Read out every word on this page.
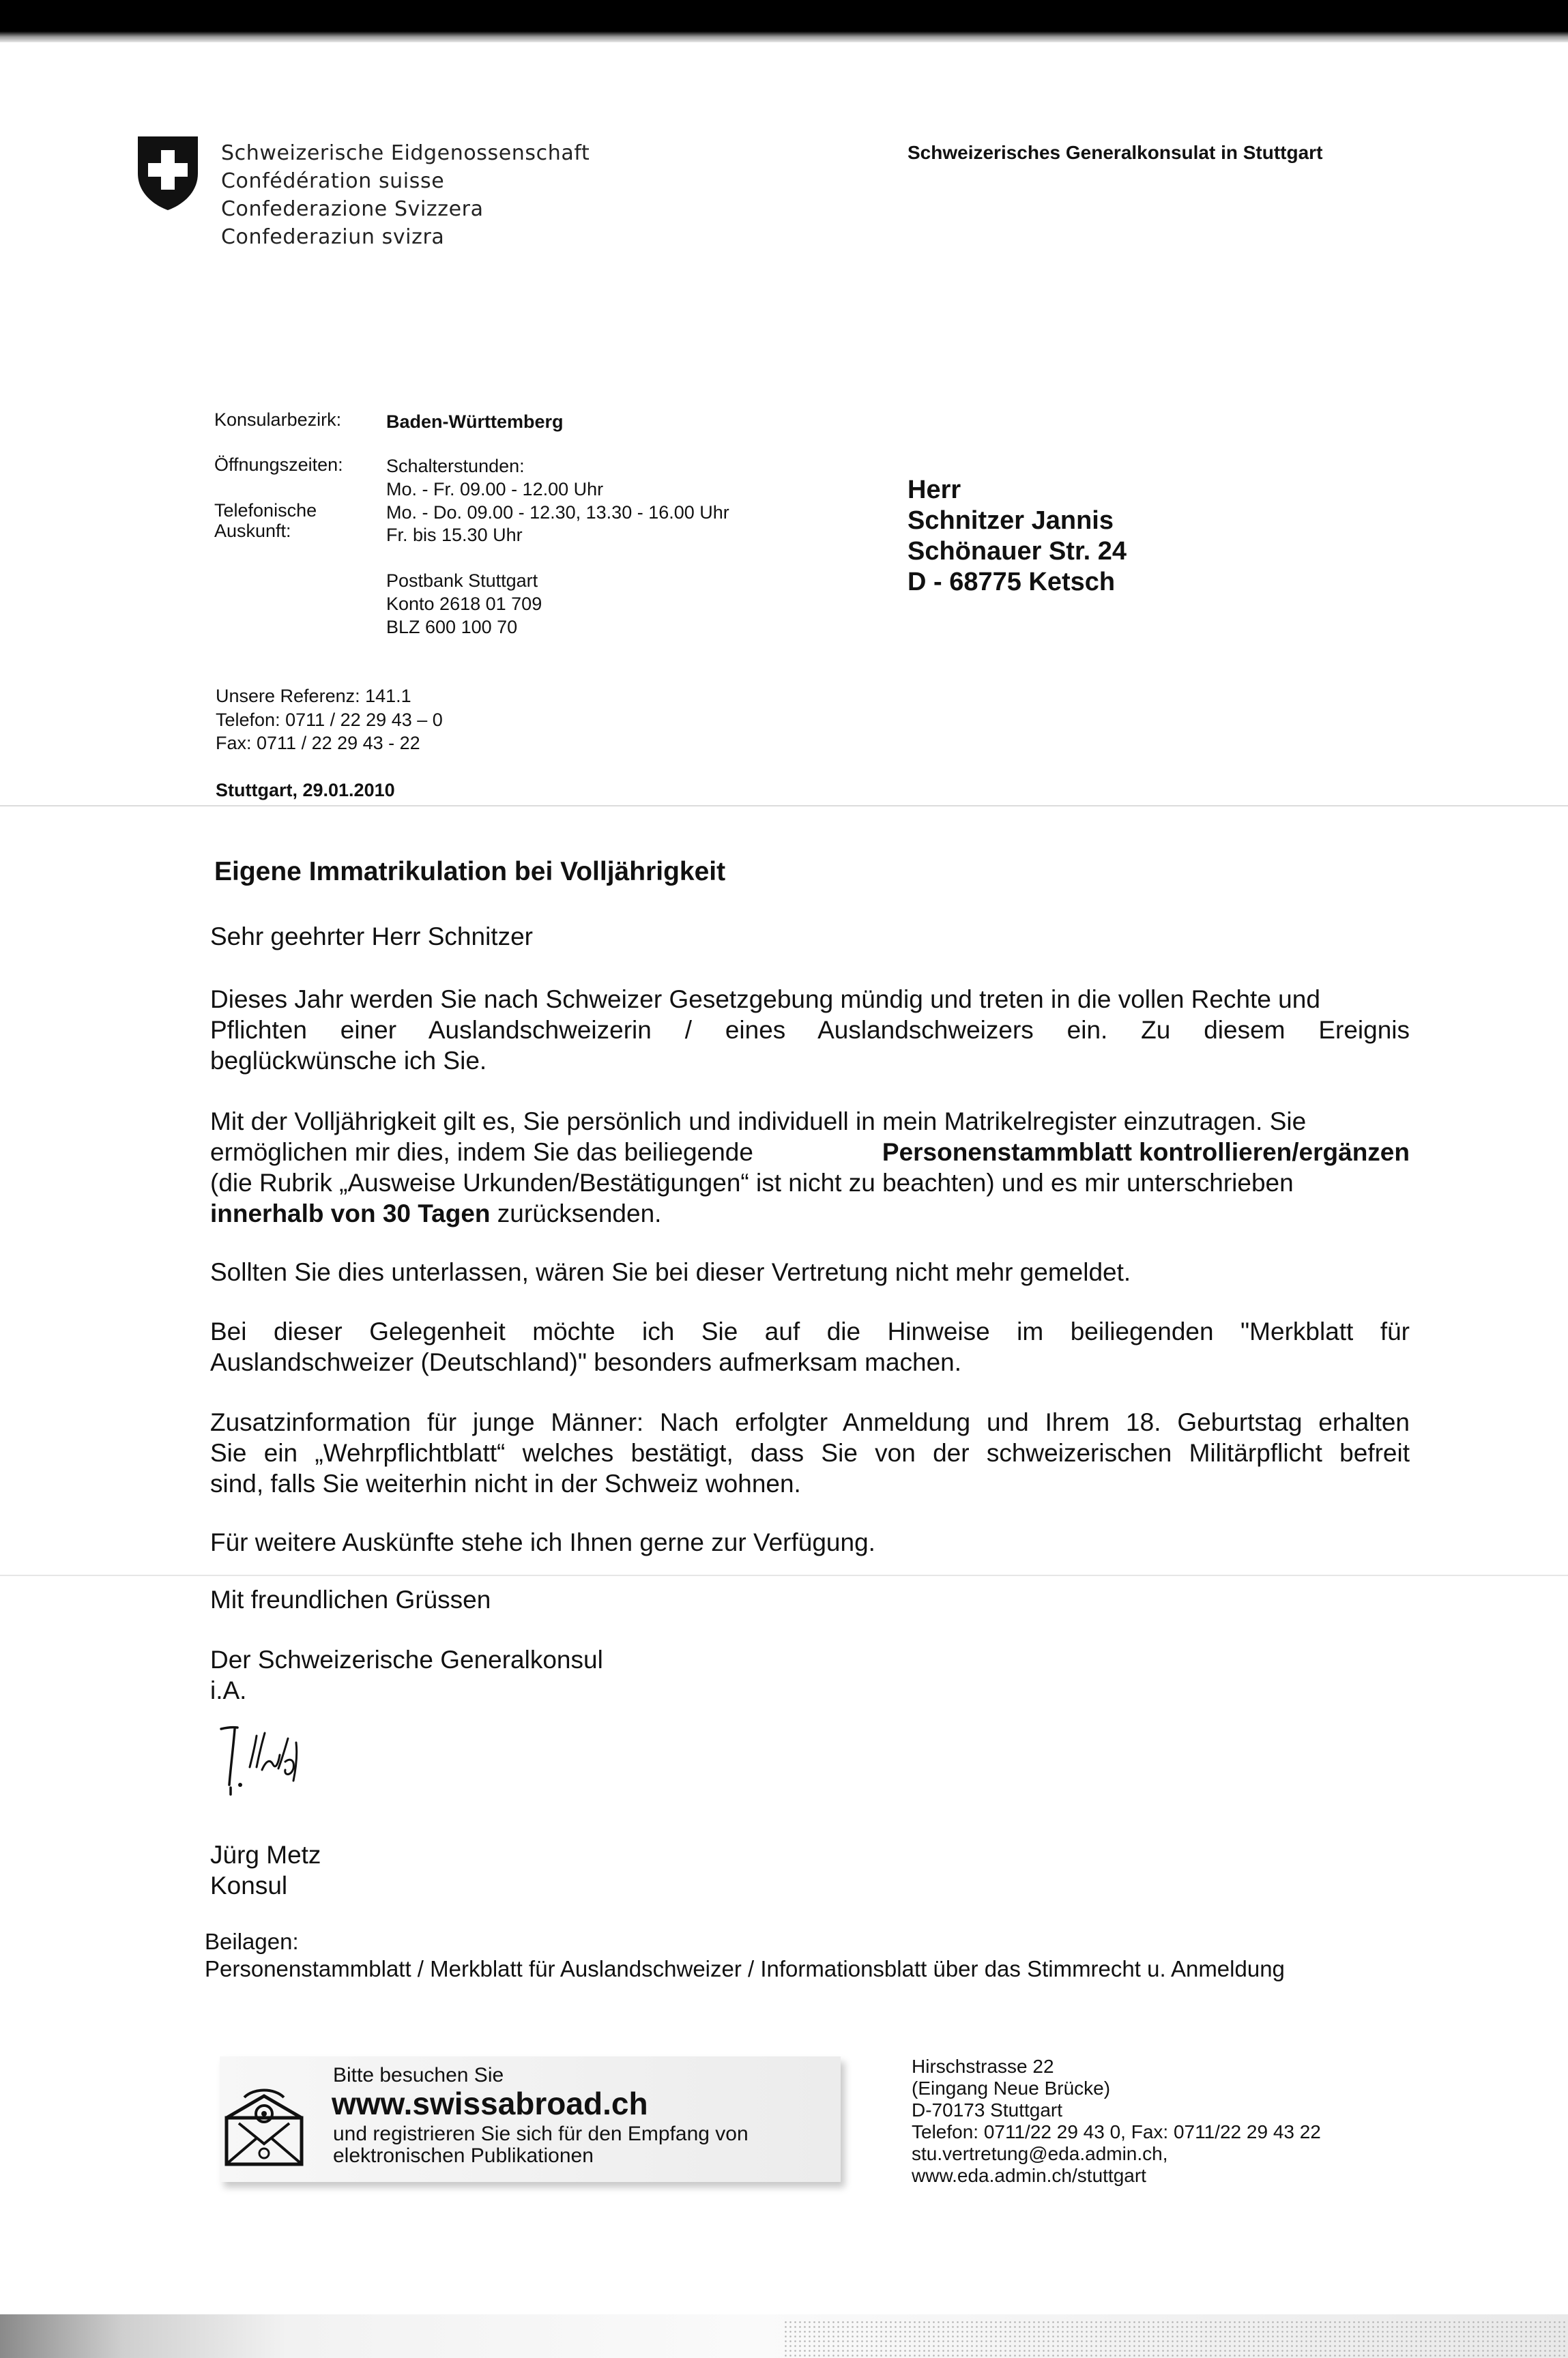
Schweizerische Eidgenossenschaft
Confédération suisse
Confederazione Svizzera
Confederaziun svizra
Schweizerisches Generalkonsulat in Stuttgart
Konsularbezirk: Baden-Württemberg
Öffnungszeiten:
Telefonische
Auskunft:
Schalterstunden:
Mo. - Fr. 09.00 - 12.00 Uhr
Mo. - Do. 09.00 - 12.30, 13.30 - 16.00 Uhr
Fr. bis 15.30 Uhr
Postbank Stuttgart
Konto 2618 01 709
BLZ 600 100 70
Unsere Referenz: 141.1
Telefon: 0711 / 22 29 43 – 0
Fax: 0711 / 22 29 43 - 22
Stuttgart, 29.01.2010
Herr
Schnitzer Jannis
Schönauer Str. 24
D - 68775 Ketsch
Eigene Immatrikulation bei Volljährigkeit
Sehr geehrter Herr Schnitzer
Dieses Jahr werden Sie nach Schweizer Gesetzgebung mündig und treten in die vollen Rechte und
Pflichten einer Auslandschweizerin / eines Auslandschweizers ein. Zu diesem Ereignis
beglückwünsche ich Sie.
Mit der Volljährigkeit gilt es, Sie persönlich und individuell in mein Matrikelregister einzutragen. Sie
ermöglichen mir dies, indem Sie das beiliegende	Personenstammblatt kontrollieren/ergänzen
(die Rubrik „Ausweise Urkunden/Bestätigungen“ ist nicht zu beachten) und es mir unterschrieben
innerhalb von 30 Tagen zurücksenden.
Sollten Sie dies unterlassen, wären Sie bei dieser Vertretung nicht mehr gemeldet.
Bei dieser Gelegenheit möchte ich Sie auf die Hinweise im beiliegenden "Merkblatt für
Auslandschweizer (Deutschland)" besonders aufmerksam machen.
Zusatzinformation für junge Männer: Nach erfolgter Anmeldung und Ihrem 18. Geburtstag erhalten
Sie ein „Wehrpflichtblatt“ welches bestätigt, dass Sie von der schweizerischen Militärpflicht befreit
sind, falls Sie weiterhin nicht in der Schweiz wohnen.
Für weitere Auskünfte stehe ich Ihnen gerne zur Verfügung.
Mit freundlichen Grüssen
Der Schweizerische Generalkonsul
i.A.
Jürg Metz
Konsul
Beilagen:
Personenstammblatt / Merkblatt für Auslandschweizer / Informationsblatt über das Stimmrecht u. Anmeldung
Bitte besuchen Sie
www.swissabroad.ch
und registrieren Sie sich für den Empfang von
elektronischen Publikationen
Hirschstrasse 22
(Eingang Neue Brücke)
D-70173 Stuttgart
Telefon: 0711/22 29 43 0, Fax: 0711/22 29 43 22
stu.vertretung@eda.admin.ch,
www.eda.admin.ch/stuttgart
